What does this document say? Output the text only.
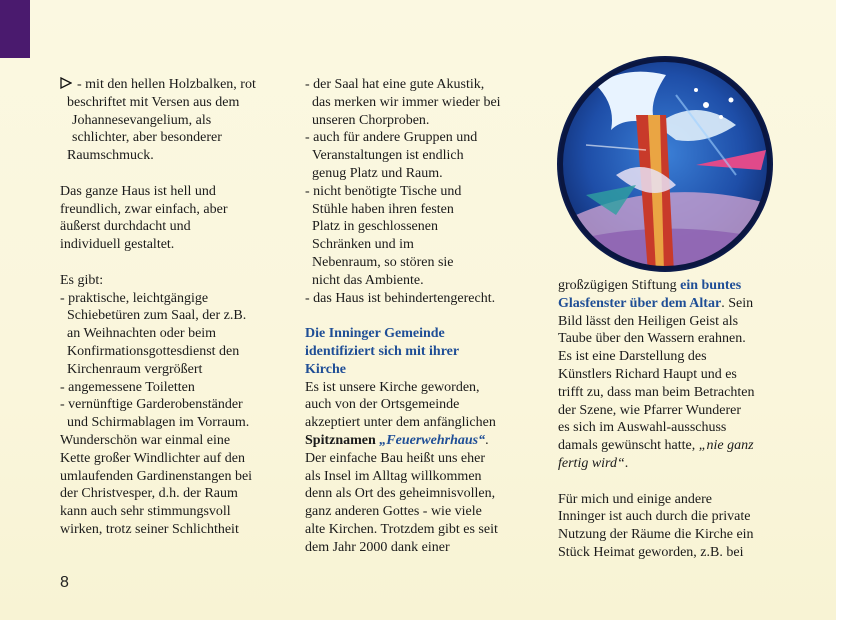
- mit den hellen Holzbalken, rot
beschriftet mit Versen aus dem
Johannesevangelium, als
schlichter, aber besonderer
Raumschmuck.
Das ganze Haus ist hell und
freundlich, zwar einfach, aber
äußerst durchdacht und
individuell gestaltet.
Es gibt:
- praktische, leichtgängige
Schiebetüren zum Saal, der z.B.
an Weihnachten oder beim
Konfirmationsgottesdienst den
Kirchenraum vergrößert
- angemessene Toiletten
- vernünftige Garderobenständer
und Schirmablagen im Vorraum.
Wunderschön war einmal eine
Kette großer Windlichter auf den
umlaufenden Gardinenstangen bei
der Christvesper, d.h. der Raum
kann auch sehr stimmungsvoll
wirken, trotz seiner Schlichtheit
- der Saal hat eine gute Akustik,
das merken wir immer wieder bei
unseren Chorproben.
- auch für andere Gruppen und
Veranstaltungen ist endlich
genug Platz und Raum.
- nicht benötigte Tische und
Stühle haben ihren festen
Platz in geschlossenen
Schränken und im
Nebenraum, so stören sie
nicht das Ambiente.
- das Haus ist behindertengerecht.
Die Inninger Gemeinde
identifiziert sich mit ihrer
Kirche
Es ist unsere Kirche geworden,
auch von der Ortsgemeinde
akzeptiert unter dem anfänglichen
Spitznamen „Feuerwehrhaus“.
Der einfache Bau heißt uns eher
als Insel im Alltag willkommen
denn als Ort des geheimnisvollen,
ganz anderen Gottes - wie viele
alte Kirchen. Trotzdem gibt es seit
dem Jahr 2000 dank einer
großzügigen Stiftung ein buntes
Glasfenster über dem Altar. Sein
Bild lässt den Heiligen Geist als
Taube über den Wassern erahnen.
Es ist eine Darstellung des
Künstlers Richard Haupt und es
trifft zu, dass man beim Betrachten
der Szene, wie Pfarrer Wunderer
es sich im Auswahl-ausschuss
damals gewünscht hatte, „nie ganz
fertig wird“.
Für mich und einige andere
Inninger ist auch durch die private
Nutzung der Räume die Kirche ein
Stück Heimat geworden, z.B. bei
8
